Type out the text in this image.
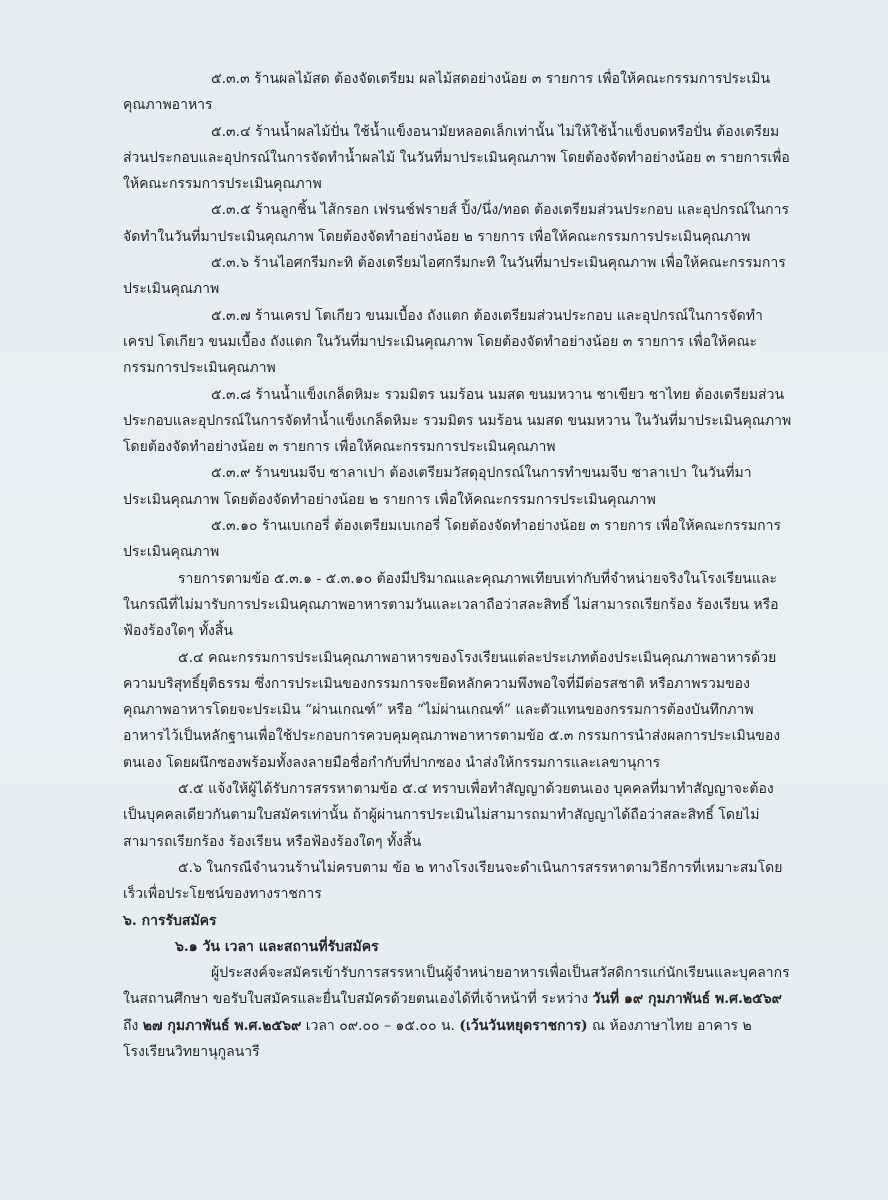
๕.๓.๓ ร้านผลไม้สด ต้องจัดเตรียม ผลไม้สดอย่างน้อย ๓ รายการ เพื่อให้คณะกรรมการประเมินคุณภาพอาหาร

๕.๓.๔ ร้านน้ำผลไม้ปั่น ใช้น้ำแข็งอนามัยหลอดเล็กเท่านั้น ไม่ให้ใช้น้ำแข็งบดหรือปั่น ต้องเตรียมส่วนประกอบและอุปกรณ์ในการจัดทำน้ำผลไม้ ในวันที่มาประเมินคุณภาพ โดยต้องจัดทำอย่างน้อย ๓ รายการเพื่อให้คณะกรรมการประเมินคุณภาพ

๕.๓.๕ ร้านลูกชิ้น ไส้กรอก เฟรนช์ฟรายส์ ปิ้ง/นึ่ง/ทอด ต้องเตรียมส่วนประกอบ และอุปกรณ์ในการจัดทำในวันที่มาประเมินคุณภาพ โดยต้องจัดทำอย่างน้อย ๒ รายการ เพื่อให้คณะกรรมการประเมินคุณภาพ

๕.๓.๖ ร้านไอศกรีมกะทิ ต้องเตรียมไอศกรีมกะทิ ในวันที่มาประเมินคุณภาพ เพื่อให้คณะกรรมการประเมินคุณภาพ

๕.๓.๗ ร้านเครป โตเกียว ขนมเบื้อง ถังแตก ต้องเตรียมส่วนประกอบ และอุปกรณ์ในการจัดทำเครป โตเกียว ขนมเบื้อง ถังแตก ในวันที่มาประเมินคุณภาพ โดยต้องจัดทำอย่างน้อย ๓ รายการ เพื่อให้คณะกรรมการประเมินคุณภาพ

๕.๓.๘ ร้านน้ำแข็งเกล็ดหิมะ รวมมิตร นมร้อน นมสด ขนมหวาน ชาเขียว ชาไทย ต้องเตรียมส่วนประกอบและอุปกรณ์ในการจัดทำน้ำแข็งเกล็ดหิมะ รวมมิตร นมร้อน นมสด ขนมหวาน ในวันที่มาประเมินคุณภาพ โดยต้องจัดทำอย่างน้อย ๓ รายการ เพื่อให้คณะกรรมการประเมินคุณภาพ

๕.๓.๙ ร้านขนมจีบ ซาลาเปา ต้องเตรียมวัสดุอุปกรณ์ในการทำขนมจีบ ซาลาเปา ในวันที่มาประเมินคุณภาพ โดยต้องจัดทำอย่างน้อย ๒ รายการ เพื่อให้คณะกรรมการประเมินคุณภาพ

๕.๓.๑๐ ร้านเบเกอรี่ ต้องเตรียมเบเกอรี่ โดยต้องจัดทำอย่างน้อย ๓ รายการ เพื่อให้คณะกรรมการประเมินคุณภาพ

รายการตามข้อ ๕.๓.๑ - ๕.๓.๑๐ ต้องมีปริมาณและคุณภาพเทียบเท่ากับที่จำหน่ายจริงในโรงเรียนและในกรณีที่ไม่มารับการประเมินคุณภาพอาหารตามวันและเวลาถือว่าสละสิทธิ์ ไม่สามารถเรียกร้อง ร้องเรียน หรือฟ้องร้องใดๆ ทั้งสิ้น

๕.๔ คณะกรรมการประเมินคุณภาพอาหารของโรงเรียนแต่ละประเภทต้องประเมินคุณภาพอาหารด้วยความบริสุทธิ์ยุติธรรม ซึ่งการประเมินของกรรมการจะยึดหลักความพึงพอใจที่มีต่อรสชาติ หรือภาพรวมของคุณภาพอาหารโดยจะประเมิน “ผ่านเกณฑ์” หรือ “ไม่ผ่านเกณฑ์” และตัวแทนของกรรมการต้องบันทึกภาพอาหารไว้เป็นหลักฐานเพื่อใช้ประกอบการควบคุมคุณภาพอาหารตามข้อ ๕.๓ กรรมการนำส่งผลการประเมินของตนเอง โดยผนึกซองพร้อมทั้งลงลายมือชื่อกำกับที่ปากซอง นำส่งให้กรรมการและเลขานุการ

๕.๕ แจ้งให้ผู้ได้รับการสรรหาตามข้อ ๕.๔ ทราบเพื่อทำสัญญาด้วยตนเอง บุคคลที่มาทำสัญญาจะต้องเป็นบุคคลเดียวกันตามใบสมัครเท่านั้น ถ้าผู้ผ่านการประเมินไม่สามารถมาทำสัญญาได้ถือว่าสละสิทธิ์ โดยไม่สามารถเรียกร้อง ร้องเรียน หรือฟ้องร้องใดๆ ทั้งสิ้น

๕.๖ ในกรณีจำนวนร้านไม่ครบตาม ข้อ ๒ ทางโรงเรียนจะดำเนินการสรรหาตามวิธีการที่เหมาะสมโดยเร็วเพื่อประโยชน์ของทางราชการ

๖. การรับสมัคร

๖.๑ วัน เวลา และสถานที่รับสมัคร

ผู้ประสงค์จะสมัครเข้ารับการสรรหาเป็นผู้จำหน่ายอาหารเพื่อเป็นสวัสดิการแก่นักเรียนและบุคลากรในสถานศึกษา ขอรับใบสมัครและยื่นใบสมัครด้วยตนเองได้ที่เจ้าหน้าที่ ระหว่าง วันที่ ๑๙ กุมภาพันธ์ พ.ศ.๒๕๖๙ ถึง ๒๗ กุมภาพันธ์ พ.ศ.๒๕๖๙ เวลา ๐๙.๐๐ – ๑๕.๐๐ น. (เว้นวันหยุดราชการ) ณ ห้องภาษาไทย อาคาร ๒ โรงเรียนวิทยานุกูลนารี
